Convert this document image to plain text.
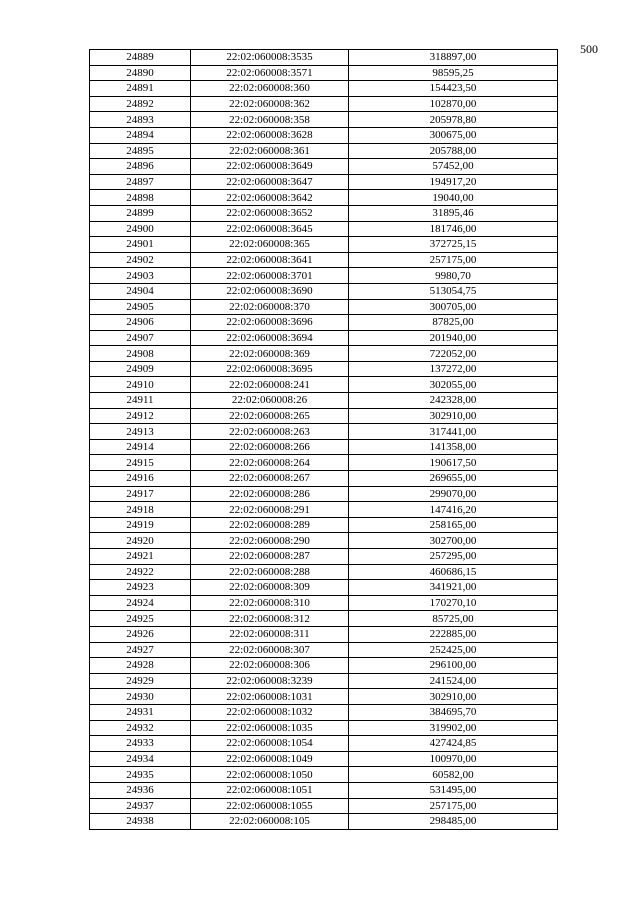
500
24889	22:02:060008:3535	318897,00
24890	22:02:060008:3571	98595,25
24891	22:02:060008:360	154423,50
24892	22:02:060008:362	102870,00
24893	22:02:060008:358	205978,80
24894	22:02:060008:3628	300675,00
24895	22:02:060008:361	205788,00
24896	22:02:060008:3649	57452,00
24897	22:02:060008:3647	194917,20
24898	22:02:060008:3642	19040,00
24899	22:02:060008:3652	31895,46
24900	22:02:060008:3645	181746,00
24901	22:02:060008:365	372725,15
24902	22:02:060008:3641	257175,00
24903	22:02:060008:3701	9980,70
24904	22:02:060008:3690	513054,75
24905	22:02:060008:370	300705,00
24906	22:02:060008:3696	87825,00
24907	22:02:060008:3694	201940,00
24908	22:02:060008:369	722052,00
24909	22:02:060008:3695	137272,00
24910	22:02:060008:241	302055,00
24911	22:02:060008:26	242328,00
24912	22:02:060008:265	302910,00
24913	22:02:060008:263	317441,00
24914	22:02:060008:266	141358,00
24915	22:02:060008:264	190617,50
24916	22:02:060008:267	269655,00
24917	22:02:060008:286	299070,00
24918	22:02:060008:291	147416,20
24919	22:02:060008:289	258165,00
24920	22:02:060008:290	302700,00
24921	22:02:060008:287	257295,00
24922	22:02:060008:288	460686,15
24923	22:02:060008:309	341921,00
24924	22:02:060008:310	170270,10
24925	22:02:060008:312	85725,00
24926	22:02:060008:311	222885,00
24927	22:02:060008:307	252425,00
24928	22:02:060008:306	296100,00
24929	22:02:060008:3239	241524,00
24930	22:02:060008:1031	302910,00
24931	22:02:060008:1032	384695,70
24932	22:02:060008:1035	319902,00
24933	22:02:060008:1054	427424,85
24934	22:02:060008:1049	100970,00
24935	22:02:060008:1050	60582,00
24936	22:02:060008:1051	531495,00
24937	22:02:060008:1055	257175,00
24938	22:02:060008:105	298485,00
